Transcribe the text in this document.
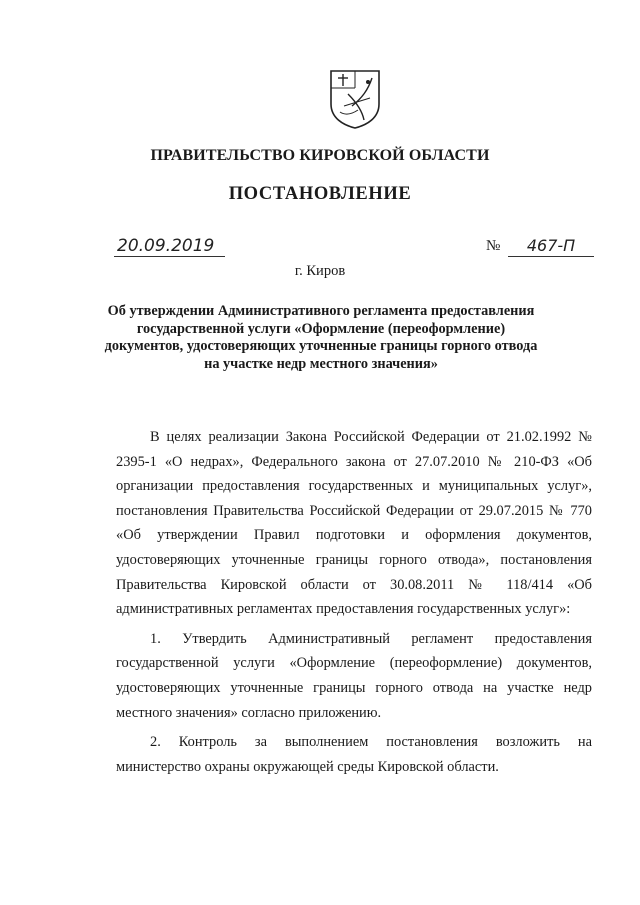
ПРАВИТЕЛЬСТВО КИРОВСКОЙ ОБЛАСТИ
ПОСТАНОВЛЕНИЕ
20.09.2019	№	467-П
г. Киров
Об утверждении Административного регламента предоставления государственной услуги «Оформление (переоформление) документов, удостоверяющих уточненные границы горного отвода на участке недр местного значения»

В целях реализации Закона Российской Федерации от 21.02.1992 № 2395-1 «О недрах», Федерального закона от 27.07.2010 № 210-ФЗ «Об организации предоставления государственных и муниципальных услуг», постановления Правительства Российской Федерации от 29.07.2015 № 770 «Об утверждении Правил подготовки и оформления документов, удостоверяющих уточненные границы горного отвода», постановления Правительства Кировской области от 30.08.2011 № 118/414 «Об административных регламентах предоставления государственных услуг»:

1. Утвердить Административный регламент предоставления государственной услуги «Оформление (переоформление) документов, удостоверяющих уточненные границы горного отвода на участке недр местного значения» согласно приложению.

2. Контроль за выполнением постановления возложить на министерство охраны окружающей среды Кировской области.
